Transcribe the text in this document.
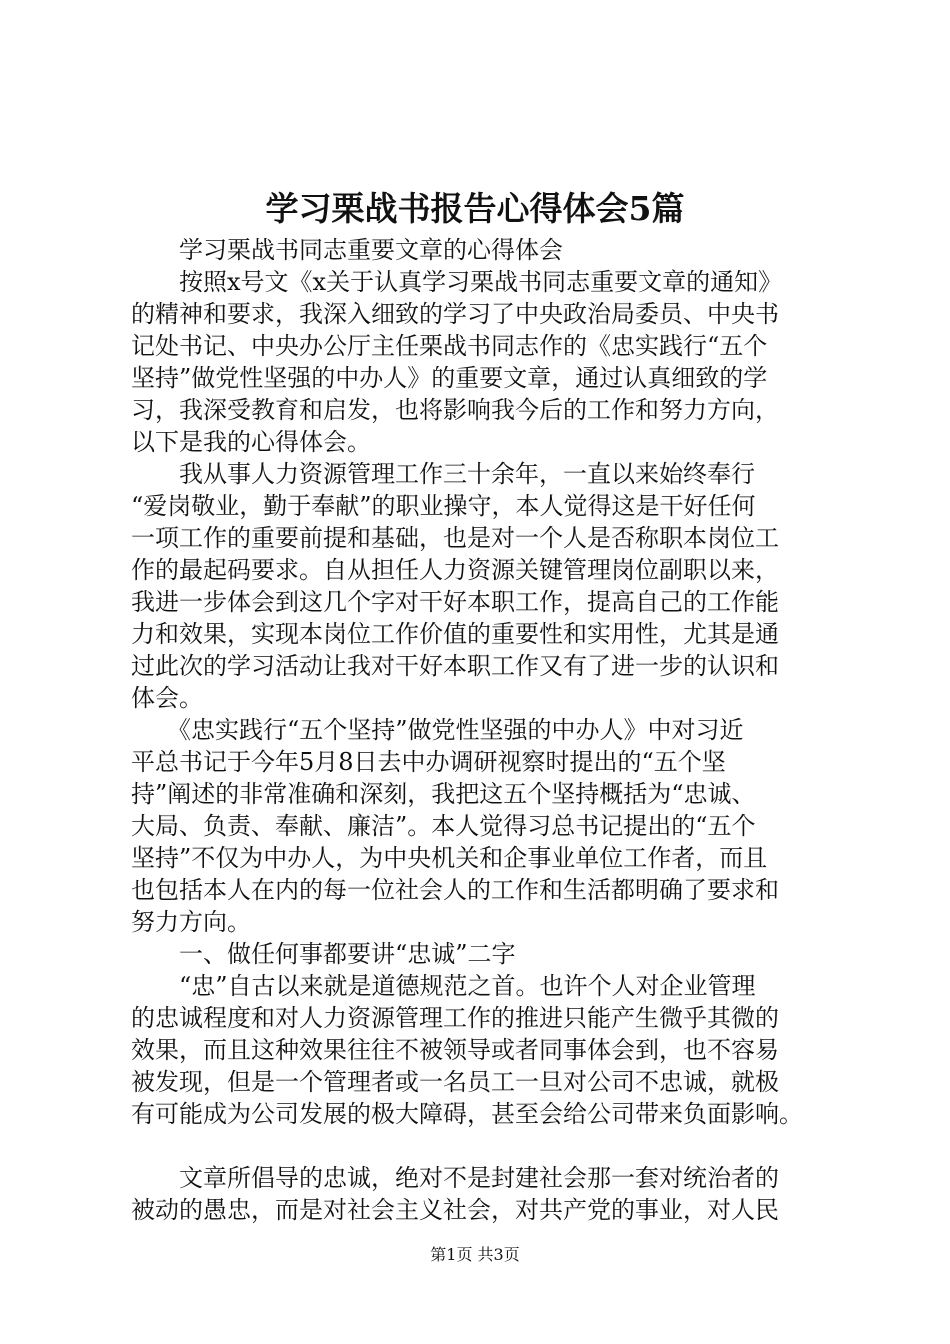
学习栗战书报告心得体会5篇
　　学习栗战书同志重要文章的心得体会
　　按照x号文《x关于认真学习栗战书同志重要文章的通知》
的精神和要求，我深入细致的学习了中央政治局委员、中央书
记处书记、中央办公厅主任栗战书同志作的《忠实践行“五个
坚持”做党性坚强的中办人》的重要文章，通过认真细致的学
习，我深受教育和启发，也将影响我今后的工作和努力方向，
以下是我的心得体会。
　　我从事人力资源管理工作三十余年，一直以来始终奉行
“爱岗敬业，勤于奉献”的职业操守，本人觉得这是干好任何
一项工作的重要前提和基础，也是对一个人是否称职本岗位工
作的最起码要求。自从担任人力资源关键管理岗位副职以来，
我进一步体会到这几个字对干好本职工作，提高自己的工作能
力和效果，实现本岗位工作价值的重要性和实用性，尤其是通
过此次的学习活动让我对干好本职工作又有了进一步的认识和
体会。
　　《忠实践行“五个坚持”做党性坚强的中办人》中对习近
平总书记于今年5月8日去中办调研视察时提出的“五个坚
持”阐述的非常准确和深刻，我把这五个坚持概括为“忠诚、
大局、负责、奉献、廉洁”。本人觉得习总书记提出的“五个
坚持”不仅为中办人，为中央机关和企事业单位工作者，而且
也包括本人在内的每一位社会人的工作和生活都明确了要求和
努力方向。
　　一、做任何事都要讲“忠诚”二字
　　“忠”自古以来就是道德规范之首。也许个人对企业管理
的忠诚程度和对人力资源管理工作的推进只能产生微乎其微的
效果，而且这种效果往往不被领导或者同事体会到，也不容易
被发现，但是一个管理者或一名员工一旦对公司不忠诚，就极
有可能成为公司发展的极大障碍，甚至会给公司带来负面影响。
　　文章所倡导的忠诚，绝对不是封建社会那一套对统治者的
被动的愚忠，而是对社会主义社会，对共产党的事业，对人民
第1页 共3页
